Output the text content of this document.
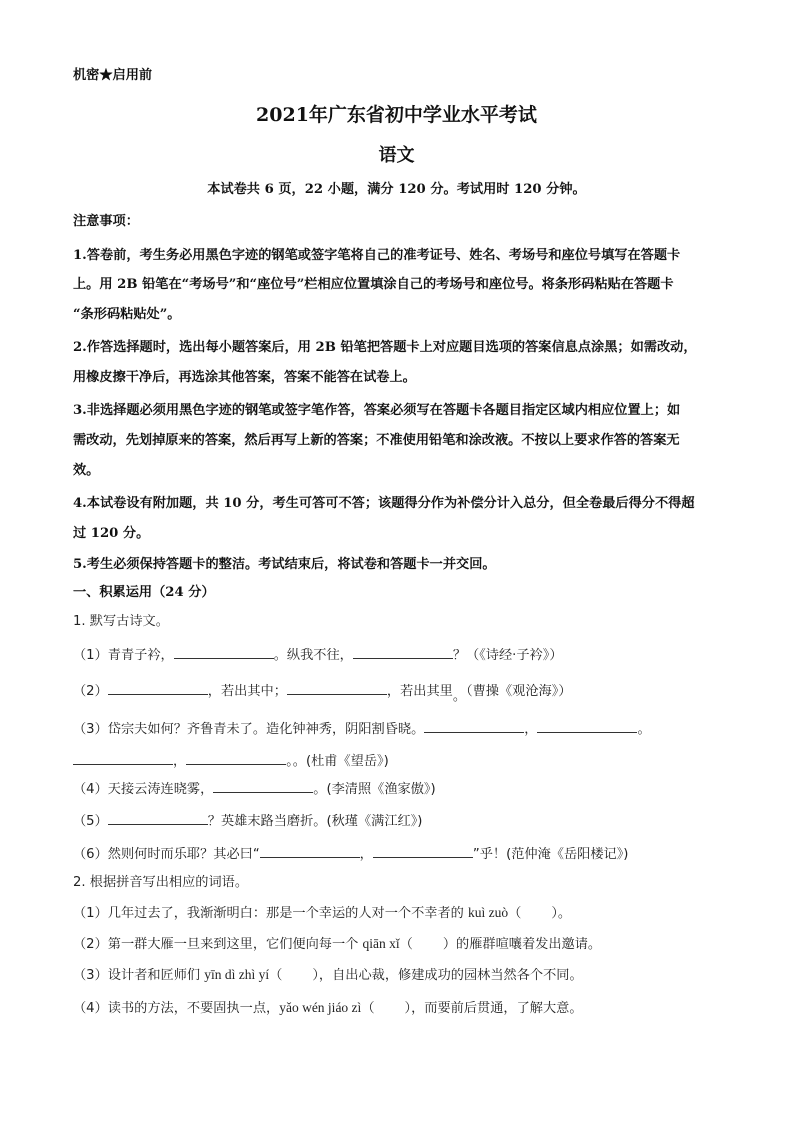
机密★启用前
2021年广东省初中学业水平考试
语文
本试卷共 6 页，22 小题，满分 120 分。考试用时 120 分钟。
注意事项：
1.答卷前，考生务必用黑色字迹的钢笔或签字笔将自己的准考证号、姓名、考场号和座位号填写在答题卡
上。用 2B 铅笔在“考场号”和“座位号”栏相应位置填涂自己的考场号和座位号。将条形码粘贴在答题卡
“条形码粘贴处”。
2.作答选择题时，选出每小题答案后，用 2B 铅笔把答题卡上对应题目选项的答案信息点涂黑；如需改动，
用橡皮擦干净后，再选涂其他答案，答案不能答在试卷上。
3.非选择题必须用黑色字迹的钢笔或签字笔作答，答案必须写在答题卡各题目指定区域内相应位置上；如
需改动，先划掉原来的答案，然后再写上新的答案；不准使用铅笔和涂改液。不按以上要求作答的答案无
效。
4.本试卷设有附加题，共 10 分，考生可答可不答；该题得分作为补偿分计入总分，但全卷最后得分不得超
过 120 分。
5.考生必须保持答题卡的整洁。考试结束后，将试卷和答题卡一并交回。
一、积累运用（24 分）
1. 默写古诗文。
（1）青青子衿，	。纵我不往，	？（《诗经·子衿》）
（2）	，若出其中；	，若出其里。（曹操《观沧海》）
（3）岱宗夫如何？齐鲁青未了。造化钟神秀，阴阳割昏晓。	，	。
，	。。(杜甫《望岳》)
（4）天接云涛连晓雾，	。(李清照《渔家傲》)
（5）	？英雄末路当磨折。(秋瑾《满江红》)
（6）然则何时而乐耶？其必曰“	，	”乎！(范仲淹《岳阳楼记》)
2. 根据拼音写出相应的词语。
（1）几年过去了，我渐渐明白：那是一个幸运的人对一个不幸者的 kuì zuò（ ）。
（2）第一群大雁一旦来到这里，它们便向每一个 qiān xǐ（ ）的雁群喧嚷着发出邀请。
（3）设计者和匠师们 yīn dì zhì yí（ ），自出心裁，修建成功的园林当然各个不同。
（4）读书的方法，不要固执一点，yǎo wén jiáo zì（ ），而要前后贯通，了解大意。
